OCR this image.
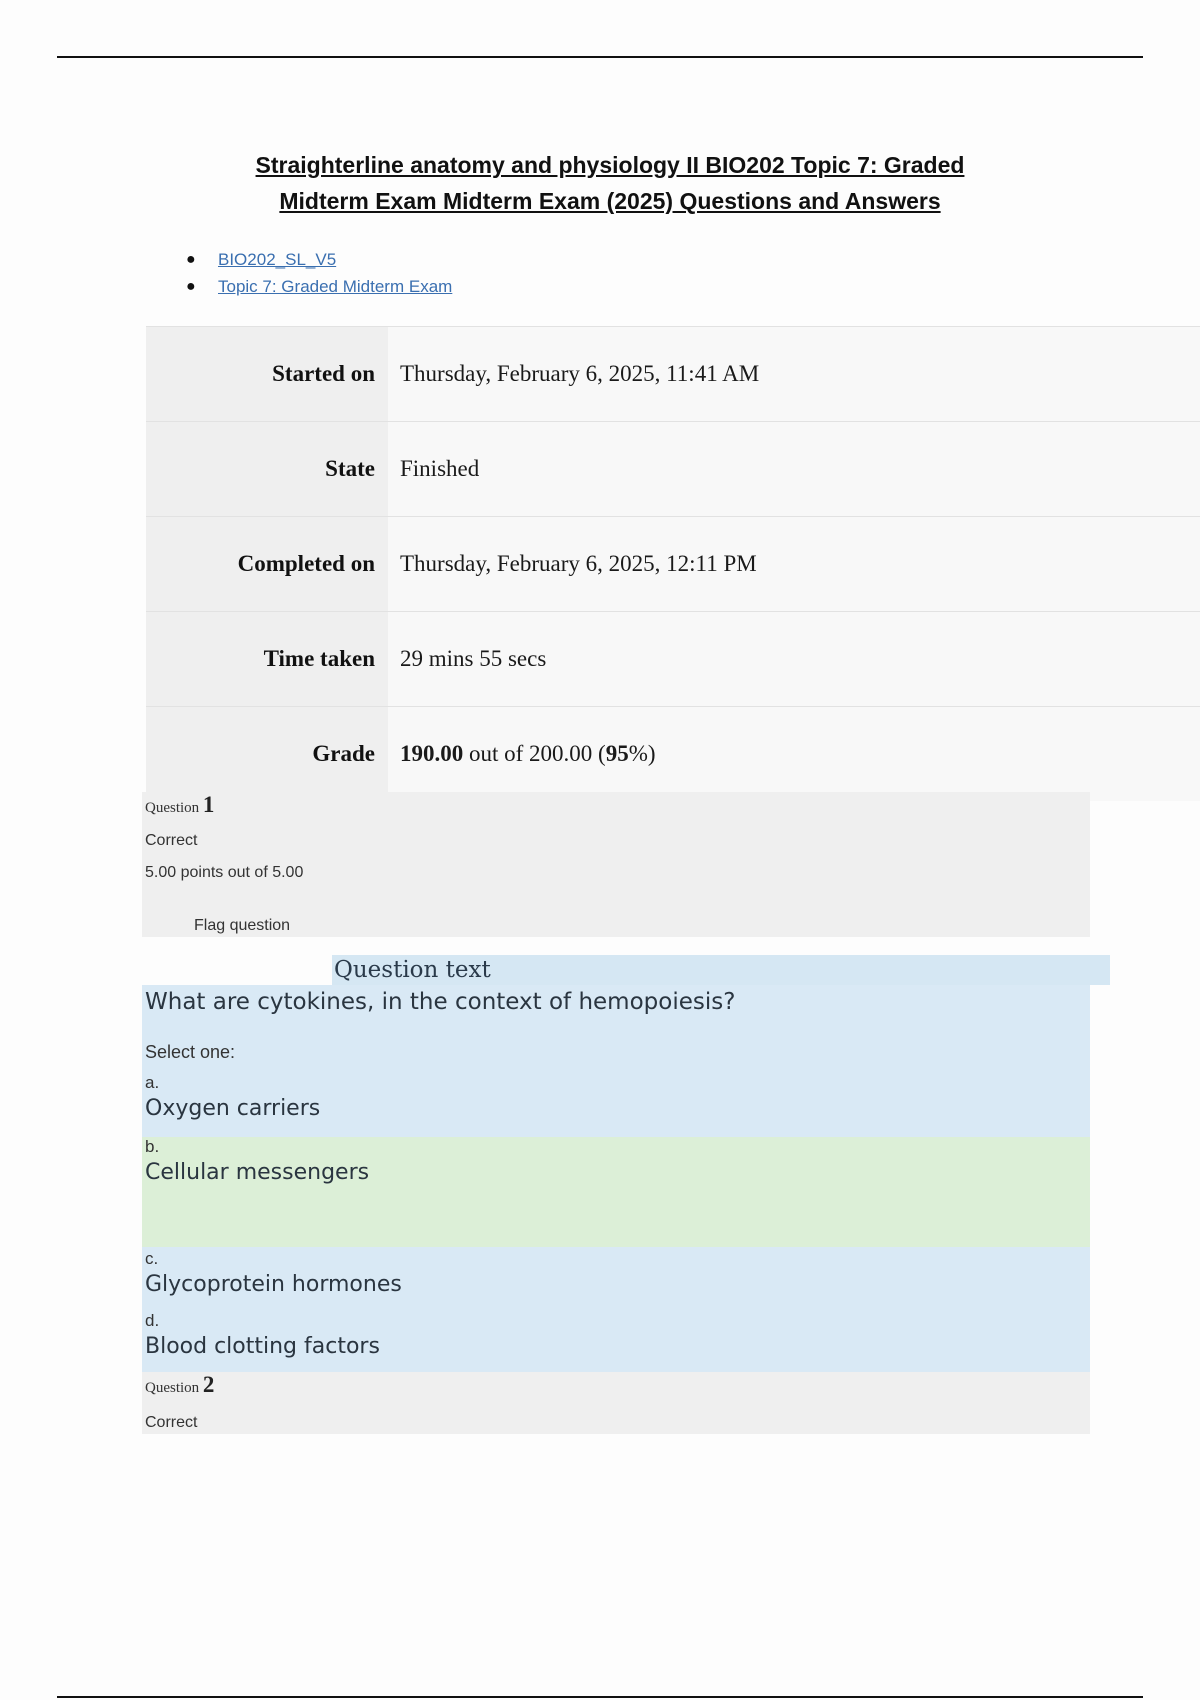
Straighterline anatomy and physiology II BIO202 Topic 7: Graded
Midterm Exam Midterm Exam (2025) Questions and Answers
● BIO202_SL_V5
● Topic 7: Graded Midterm Exam
Started on	Thursday, February 6, 2025, 11:41 AM
State	Finished
Completed on	Thursday, February 6, 2025, 12:11 PM
Time taken	29 mins 55 secs
Grade	190.00 out of 200.00 (95%)
Question 1
Correct
5.00 points out of 5.00
Flag question
Question text
What are cytokines, in the context of hemopoiesis?
Select one:
a.
Oxygen carriers
b.
Cellular messengers
c.
Glycoprotein hormones
d.
Blood clotting factors
Question 2
Correct
